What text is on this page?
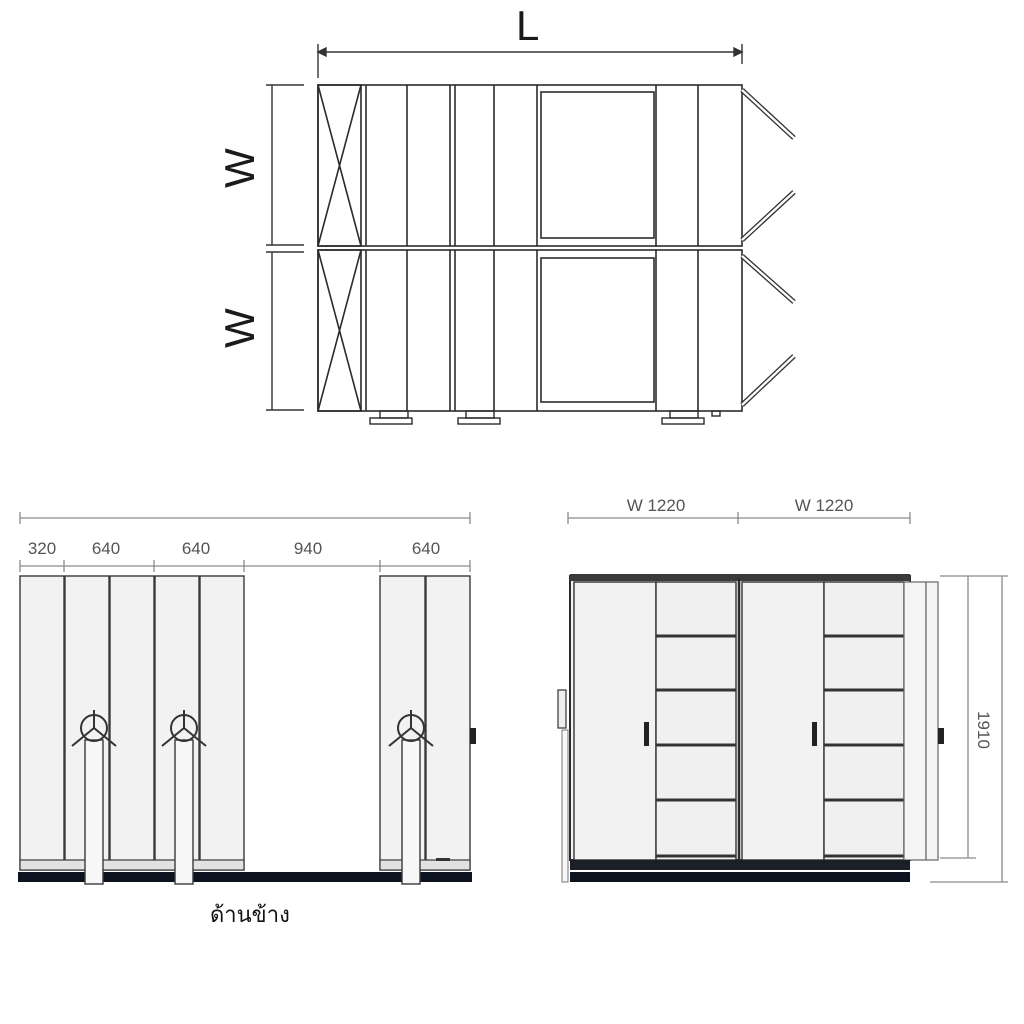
L
W
W
320 640	640	940	640
ด้านข้าง
W 1220	W 1220
1910
